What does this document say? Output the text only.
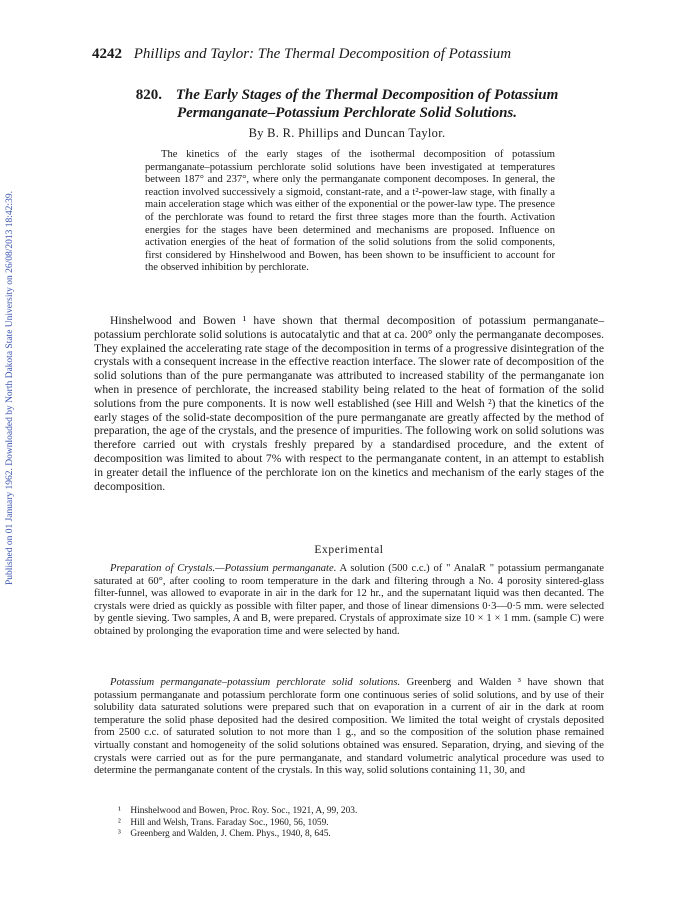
Published on 01 January 1962. Downloaded by North Dakota State University on 26/08/2013 18:42:39.
4242 Phillips and Taylor: The Thermal Decomposition of Potassium
820. The Early Stages of the Thermal Decomposition of Potassium Permanganate–Potassium Perchlorate Solid Solutions.
By B. R. Phillips and Duncan Taylor.
The kinetics of the early stages of the isothermal decomposition of potassium permanganate–potassium perchlorate solid solutions have been investigated at temperatures between 187° and 237°, where only the permanganate component decomposes. In general, the reaction involved successively a sigmoid, constant-rate, and a t²-power-law stage, with finally a main acceleration stage which was either of the exponential or the power-law type. The presence of the perchlorate was found to retard the first three stages more than the fourth. Activation energies for the stages have been determined and mechanisms are proposed. Influence on activation energies of the heat of formation of the solid solutions from the solid components, first considered by Hinshelwood and Bowen, has been shown to be insufficient to account for the observed inhibition by perchlorate.
Hinshelwood and Bowen ¹ have shown that thermal decomposition of potassium permanganate–potassium perchlorate solid solutions is autocatalytic and that at ca. 200° only the permanganate decomposes. They explained the accelerating rate stage of the decomposition in terms of a progressive disintegration of the crystals with a consequent increase in the effective reaction interface. The slower rate of decomposition of the solid solutions than of the pure permanganate was attributed to increased stability of the permanganate ion when in presence of perchlorate, the increased stability being related to the heat of formation of the solid solutions from the pure components. It is now well established (see Hill and Welsh ²) that the kinetics of the early stages of the solid-state decomposition of the pure permanganate are greatly affected by the method of preparation, the age of the crystals, and the presence of impurities. The following work on solid solutions was therefore carried out with crystals freshly prepared by a standardised procedure, and the extent of decomposition was limited to about 7% with respect to the permanganate content, in an attempt to establish in greater detail the influence of the perchlorate ion on the kinetics and mechanism of the early stages of the decomposition.
Experimental
Preparation of Crystals.—Potassium permanganate. A solution (500 c.c.) of " AnalaR " potassium permanganate saturated at 60°, after cooling to room temperature in the dark and filtering through a No. 4 porosity sintered-glass filter-funnel, was allowed to evaporate in air in the dark for 12 hr., and the supernatant liquid was then decanted. The crystals were dried as quickly as possible with filter paper, and those of linear dimensions 0·3—0·5 mm. were selected by gentle sieving. Two samples, A and B, were prepared. Crystals of approximate size 10 × 1 × 1 mm. (sample C) were obtained by prolonging the evaporation time and were selected by hand.
Potassium permanganate–potassium perchlorate solid solutions. Greenberg and Walden ³ have shown that potassium permanganate and potassium perchlorate form one continuous series of solid solutions, and by use of their solubility data saturated solutions were prepared such that on evaporation in a current of air in the dark at room temperature the solid phase deposited had the desired composition. We limited the total weight of crystals deposited from 2500 c.c. of saturated solution to not more than 1 g., and so the composition of the solution phase remained virtually constant and homogeneity of the solid solutions obtained was ensured. Separation, drying, and sieving of the crystals were carried out as for the pure permanganate, and standard volumetric analytical procedure was used to determine the permanganate content of the crystals. In this way, solid solutions containing 11, 30, and
¹ Hinshelwood and Bowen, Proc. Roy. Soc., 1921, A, 99, 203.
² Hill and Welsh, Trans. Faraday Soc., 1960, 56, 1059.
³ Greenberg and Walden, J. Chem. Phys., 1940, 8, 645.
